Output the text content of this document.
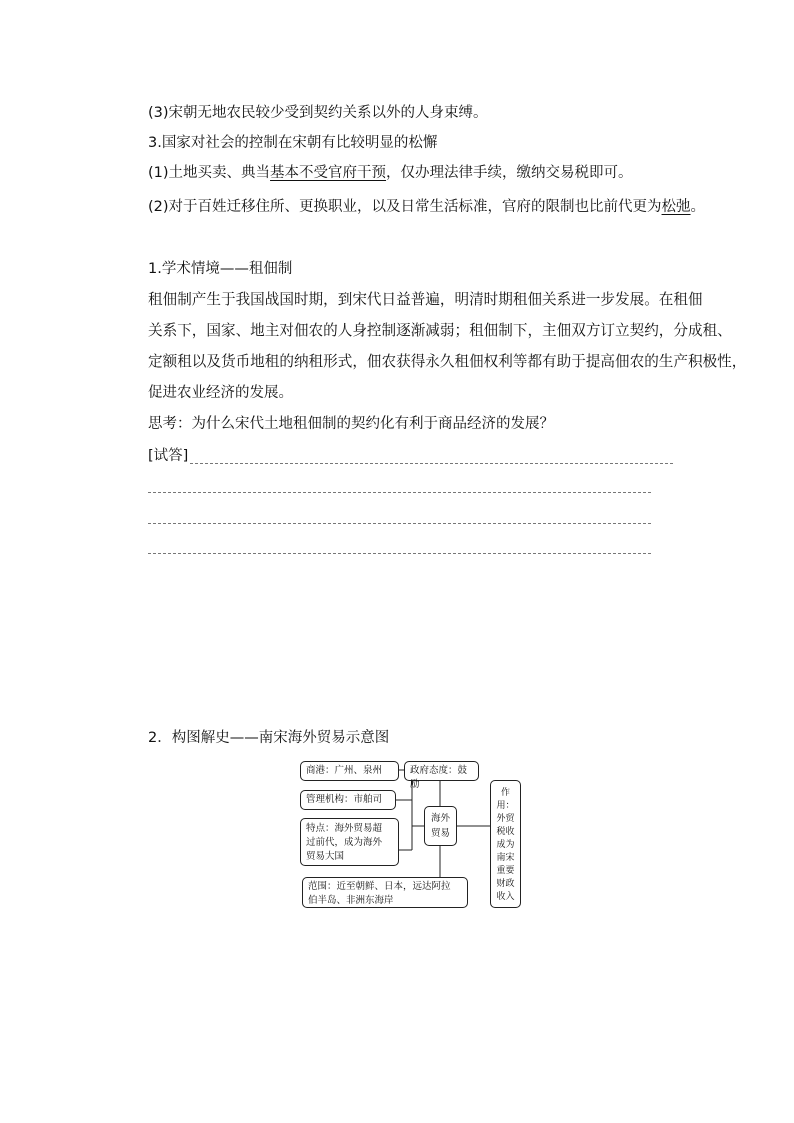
(3)宋朝无地农民较少受到契约关系以外的人身束缚。
3.国家对社会的控制在宋朝有比较明显的松懈
(1)土地买卖、典当基本不受官府干预，仅办理法律手续，缴纳交易税即可。
(2)对于百姓迁移住所、更换职业，以及日常生活标准，官府的限制也比前代更为松弛。
1.学术情境——租佃制
租佃制产生于我国战国时期，到宋代日益普遍，明清时期租佃关系进一步发展。在租佃
关系下，国家、地主对佃农的人身控制逐渐减弱；租佃制下，主佃双方订立契约，分成租、
定额租以及货币地租的纳租形式，佃农获得永久租佃权利等都有助于提高佃农的生产积极性，
促进农业经济的发展。
思考：为什么宋代土地租佃制的契约化有利于商品经济的发展？
[试答]
2．构图解史——南宋海外贸易示意图
商港：广州、泉州	政府态度：鼓励
管理机构：市舶司
海外贸易
特点：海外贸易超
过前代，成为海外
贸易大国
范围：近至朝鲜、日本，远达阿拉
伯半岛、非洲东海岸
作用：外贸税收成为南宋重要财政收入
